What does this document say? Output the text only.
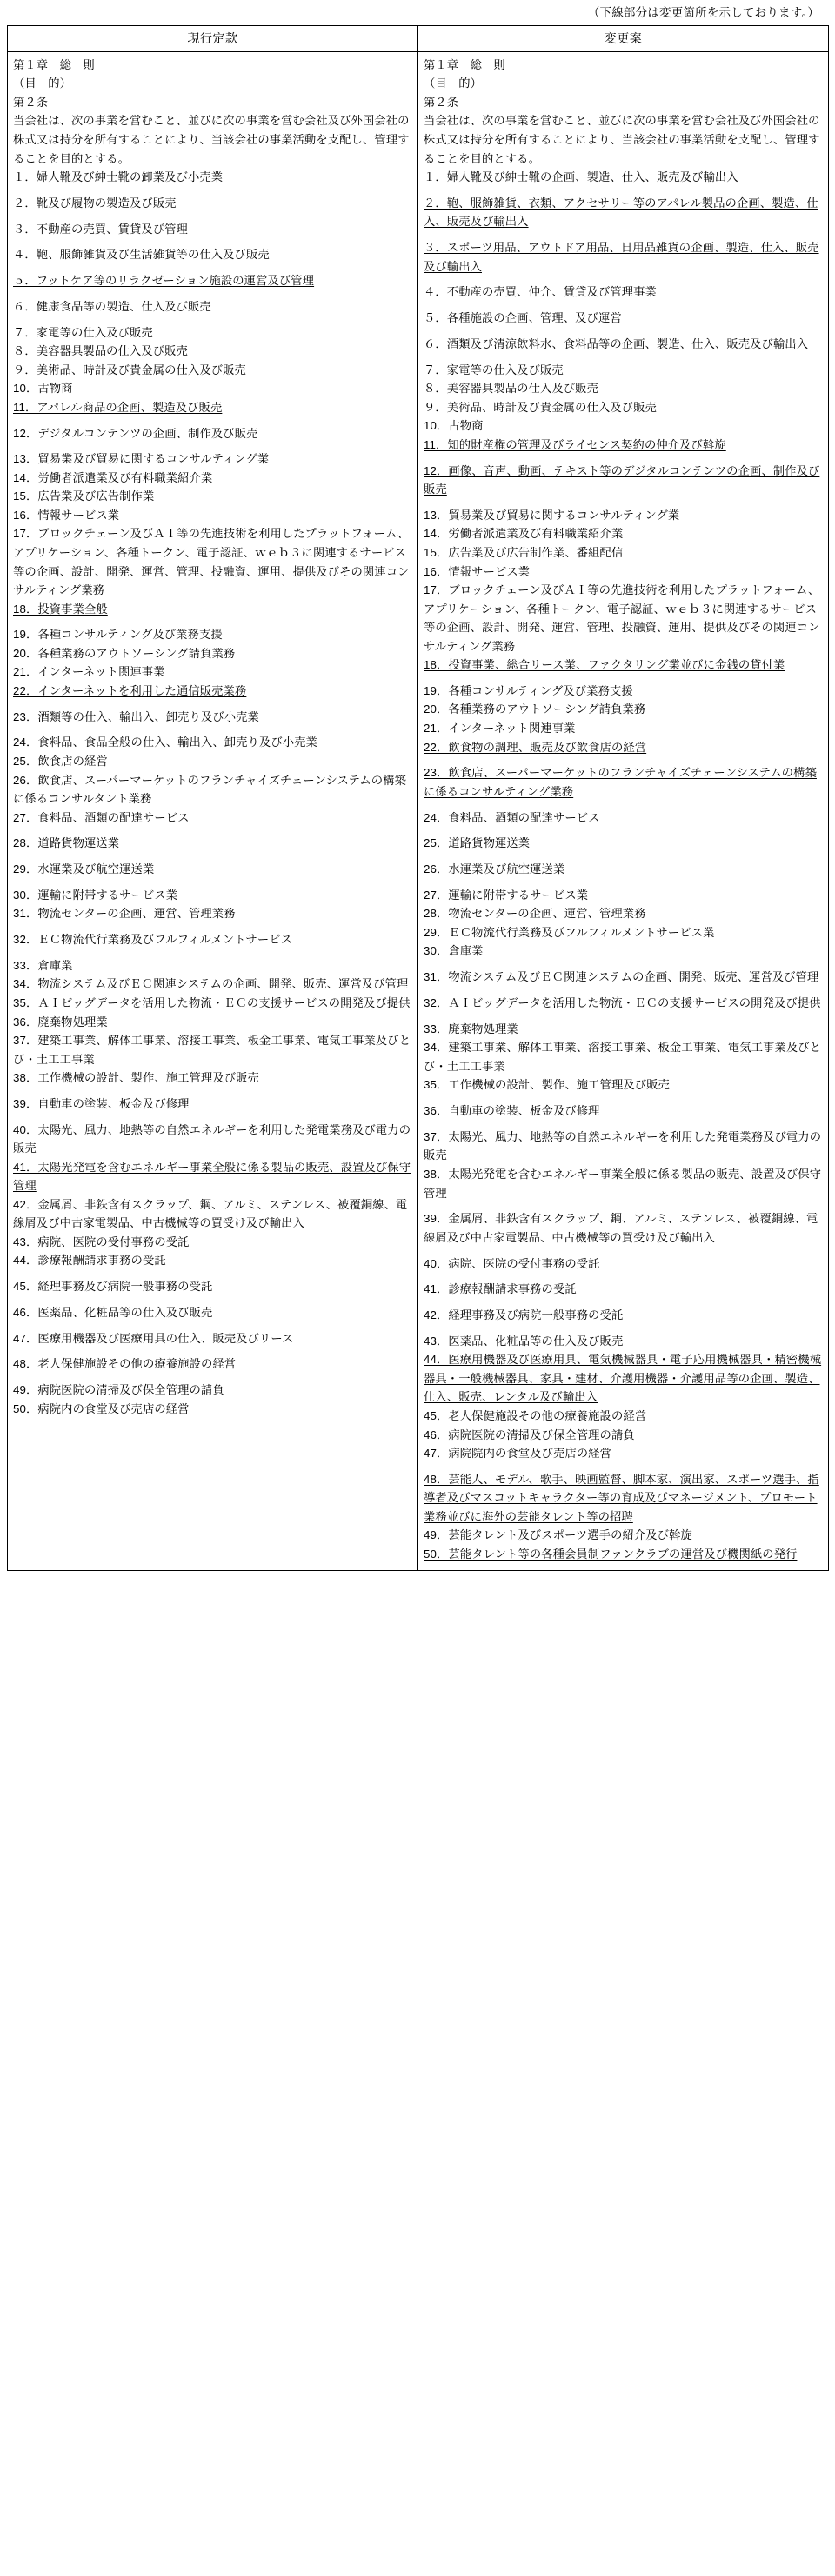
（下線部分は変更箇所を示しております。）
現行定款	変更案

第１章　総　則
（目　的）
第２条
当会社は、次の事業を営むこと、並びに次の事業を営む会社及び外国会社の株式又は持分を所有することにより、当該会社の事業活動を支配し、管理することを目的とする。
１．婦人靴及び紳士靴の卸業及び小売業
２．靴及び履物の製造及び販売
３．不動産の売買、賃貸及び管理
４．鞄、服飾雑貨及び生活雑貨等の仕入及び販売
５．フットケア等のリラクゼーション施設の運営及び管理
６．健康食品等の製造、仕入及び販売
７．家電等の仕入及び販売
８．美容器具製品の仕入及び販売
９．美術品、時計及び貴金属の仕入及び販売
10．古物商
11．アパレル商品の企画、製造及び販売
12．デジタルコンテンツの企画、制作及び販売
13．貿易業及び貿易に関するコンサルティング業
14．労働者派遣業及び有料職業紹介業
15．広告業及び広告制作業
16．情報サービス業
17．ブロックチェーン及びＡＩ等の先進技術を利用したプラットフォーム、アプリケーション、各種トークン、電子認証、ｗｅｂ３に関連するサービス等の企画、設計、開発、運営、管理、投融資、運用、提供及びその関連コンサルティング業務
18．投資事業全般
19．各種コンサルティング及び業務支援
20．各種業務のアウトソーシング請負業務
21．インターネット関連事業
22．インターネットを利用した通信販売業務
23．酒類等の仕入、輸出入、卸売り及び小売業
24．食料品、食品全般の仕入、輸出入、卸売り及び小売業
25．飲食店の経営
26．飲食店、スーパーマーケットのフランチャイズチェーンシステムの構築に係るコンサルタント業務
27．食料品、酒類の配達サービス
28．道路貨物運送業
29．水運業及び航空運送業
30．運輸に附帯するサービス業
31．物流センターの企画、運営、管理業務
32．ＥＣ物流代行業務及びフルフィルメントサービス
33．倉庫業
34．物流システム及びＥＣ関連システムの企画、開発、販売、運営及び管理
35．ＡＩビッグデータを活用した物流・ＥＣの支援サービスの開発及び提供
36．廃棄物処理業
37．建築工事業、解体工事業、溶接工事業、板金工事業、電気工事業及びとび・土工工事業
38．工作機械の設計、製作、施工管理及び販売
39．自動車の塗装、板金及び修理
40．太陽光、風力、地熱等の自然エネルギーを利用した発電業務及び電力の販売
41．太陽光発電を含むエネルギー事業全般に係る製品の販売、設置及び保守管理
42．金属屑、非鉄含有スクラップ、鋼、アルミ、ステンレス、被覆銅線、電線屑及び中古家電製品、中古機械等の買受け及び輸出入
43．病院、医院の受付事務の受託
44．診療報酬請求事務の受託
45．経理事務及び病院一般事務の受託
46．医薬品、化粧品等の仕入及び販売
47．医療用機器及び医療用具の仕入、販売及びリース
48．老人保健施設その他の療養施設の経営
49．病院医院の清掃及び保全管理の請負
50．病院内の食堂及び売店の経営

第１章　総　則
（目　的）
第２条
当会社は、次の事業を営むこと、並びに次の事業を営む会社及び外国会社の株式又は持分を所有することにより、当該会社の事業活動を支配し、管理することを目的とする。
１．婦人靴及び紳士靴の企画、製造、仕入、販売及び輸出入
２．鞄、服飾雑貨、衣類、アクセサリー等のアパレル製品の企画、製造、仕入、販売及び輸出入
３．スポーツ用品、アウトドア用品、日用品雑貨の企画、製造、仕入、販売及び輸出入
４．不動産の売買、仲介、賃貸及び管理事業
５．各種施設の企画、管理、及び運営
６．酒類及び清涼飲料水、食料品等の企画、製造、仕入、販売及び輸出入
７．家電等の仕入及び販売
８．美容器具製品の仕入及び販売
９．美術品、時計及び貴金属の仕入及び販売
10．古物商
11．知的財産権の管理及びライセンス契約の仲介及び斡旋
12．画像、音声、動画、テキスト等のデジタルコンテンツの企画、制作及び販売
13．貿易業及び貿易に関するコンサルティング業
14．労働者派遣業及び有料職業紹介業
15．広告業及び広告制作業、番組配信
16．情報サービス業
17．ブロックチェーン及びＡＩ等の先進技術を利用したプラットフォーム、アプリケーション、各種トークン、電子認証、ｗｅｂ３に関連するサービス等の企画、設計、開発、運営、管理、投融資、運用、提供及びその関連コンサルティング業務
18．投資事業、総合リース業、ファクタリング業並びに金銭の貸付業
19．各種コンサルティング及び業務支援
20．各種業務のアウトソーシング請負業務
21．インターネット関連事業
22．飲食物の調理、販売及び飲食店の経営
23．飲食店、スーパーマーケットのフランチャイズチェーンシステムの構築に係るコンサルティング業務
24．食料品、酒類の配達サービス
25．道路貨物運送業
26．水運業及び航空運送業
27．運輸に附帯するサービス業
28．物流センターの企画、運営、管理業務
29．ＥＣ物流代行業務及びフルフィルメントサービス業
30．倉庫業
31．物流システム及びＥＣ関連システムの企画、開発、販売、運営及び管理
32．ＡＩビッグデータを活用した物流・ＥＣの支援サービスの開発及び提供
33．廃棄物処理業
34．建築工事業、解体工事業、溶接工事業、板金工事業、電気工事業及びとび・土工工事業
35．工作機械の設計、製作、施工管理及び販売
36．自動車の塗装、板金及び修理
37．太陽光、風力、地熱等の自然エネルギーを利用した発電業務及び電力の販売
38．太陽光発電を含むエネルギー事業全般に係る製品の販売、設置及び保守管理
39．金属屑、非鉄含有スクラップ、鋼、アルミ、ステンレス、被覆銅線、電線屑及び中古家電製品、中古機械等の買受け及び輸出入
40．病院、医院の受付事務の受託
41．診療報酬請求事務の受託
42．経理事務及び病院一般事務の受託
43．医薬品、化粧品等の仕入及び販売
44．医療用機器及び医療用具、電気機械器具・電子応用機械器具・精密機械器具・一般機械器具、家具・建材、介護用機器・介護用品等の企画、製造、仕入、販売、レンタル及び輸出入
45．老人保健施設その他の療養施設の経営
46．病院医院の清掃及び保全管理の請負
47．病院院内の食堂及び売店の経営
48．芸能人、モデル、歌手、映画監督、脚本家、演出家、スポーツ選手、指導者及びマスコットキャラクター等の育成及びマネージメント、プロモート業務並びに海外の芸能タレント等の招聘
49．芸能タレント及びスポーツ選手の紹介及び斡旋
50．芸能タレント等の各種会員制ファンクラブの運営及び機関紙の発行
